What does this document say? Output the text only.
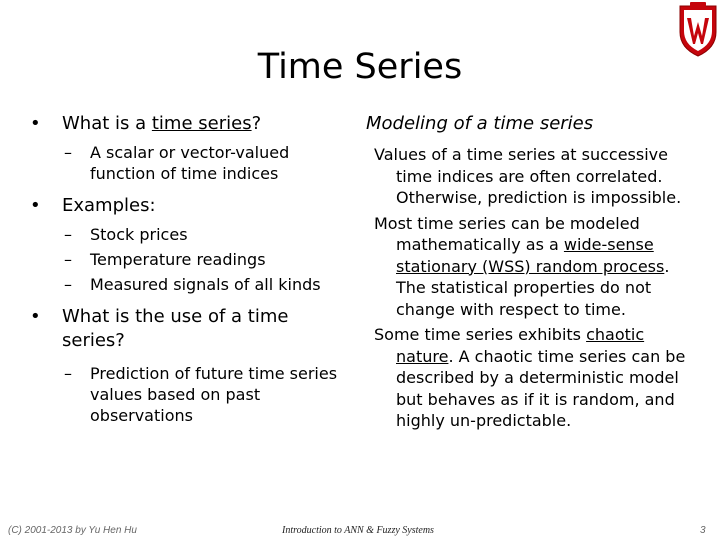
Time Series
•	What is a time series?
–	A scalar or vector-valued function of time indices
•	Examples:
–	Stock prices
–	Temperature readings
–	Measured signals of all kinds
•	What is the use of a time series?
–	Prediction of future time series values based on past observations
Modeling of a time series
Values of a time series at successive
time indices are often correlated. Otherwise, prediction is impossible.
Most time series can be modeled
mathematically as a wide-sense stationary (WSS) random process. The statistical properties do not change with respect to time.
Some time series exhibits chaotic
nature. A chaotic time series can be described by a deterministic model but behaves as if it is random, and highly un-predictable.
(C) 2001-2013 by Yu Hen Hu	Introduction to ANN & Fuzzy Systems	3
